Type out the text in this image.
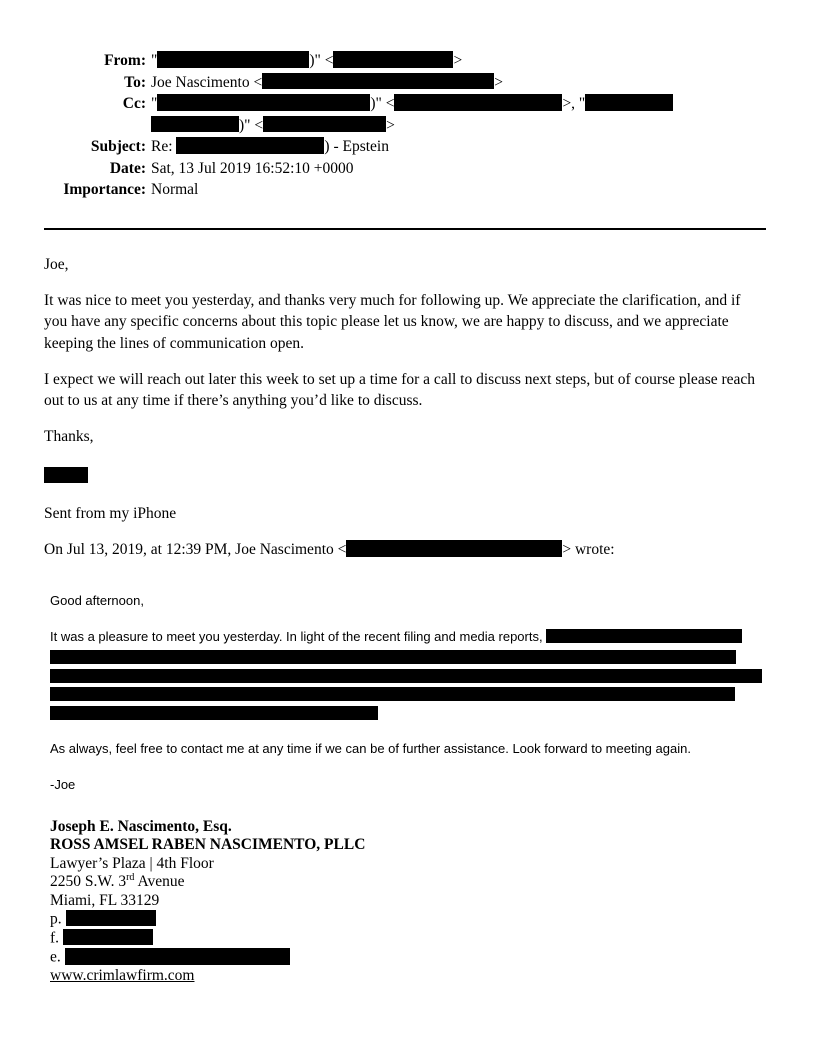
From: "	)" <	>
To: Joe Nascimento <	>
Cc: "	)" <	>, "
)" <	>
Subject: Re:	) - Epstein
Date: Sat, 13 Jul 2019 16:52:10 +0000
Importance: Normal

Joe,

It was nice to meet you yesterday, and thanks very much for following up. We appreciate the clarification, and if you have any specific concerns about this topic please let us know, we are happy to discuss, and we appreciate keeping the lines of communication open.

I expect we will reach out later this week to set up a time for a call to discuss next steps, but of course please reach out to us at any time if there’s anything you’d like to discuss.

Thanks,

Sent from my iPhone

On Jul 13, 2019, at 12:39 PM, Joe Nascimento <	> wrote:

Good afternoon,

It was a pleasure to meet you yesterday. In light of the recent filing and media reports,

As always, feel free to contact me at any time if we can be of further assistance. Look forward to meeting again.

-Joe

Joseph E. Nascimento, Esq.
ROSS AMSEL RABEN NASCIMENTO, PLLC
Lawyer’s Plaza | 4th Floor
2250 S.W. 3rd Avenue
Miami, FL 33129
p.
f.
e.
www.crimlawfirm.com
